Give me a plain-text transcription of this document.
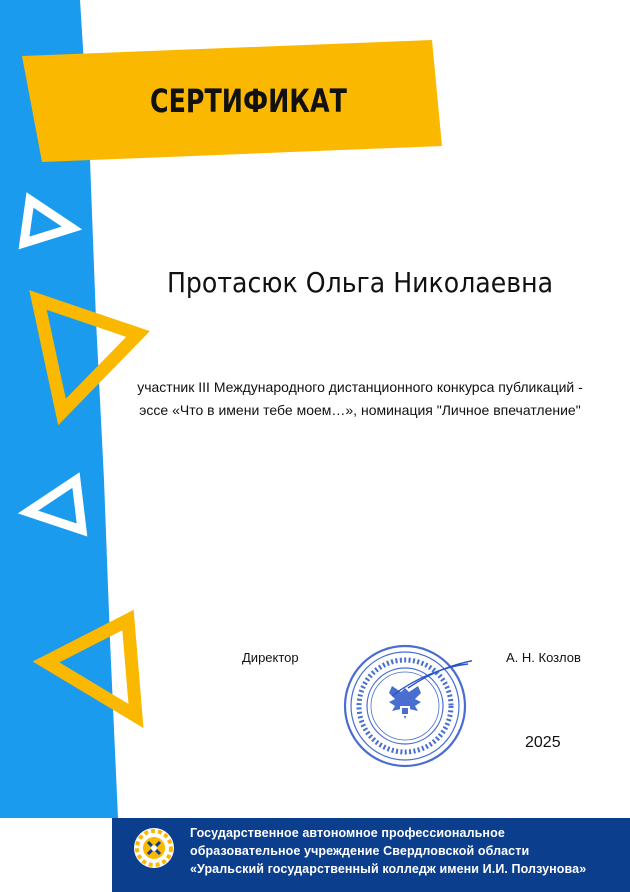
СЕРТИФИКАТ
Протасюк Ольга Николаевна
участник III Международного дистанционного конкурса публикаций -
эссе «Что в имени тебе моем…», номинация "Личное впечатление"
Директор	А. Н. Козлов
2025
Государственное автономное профессиональное
образовательное учреждение Свердловской области
«Уральский государственный колледж имени И.И. Ползунова»
